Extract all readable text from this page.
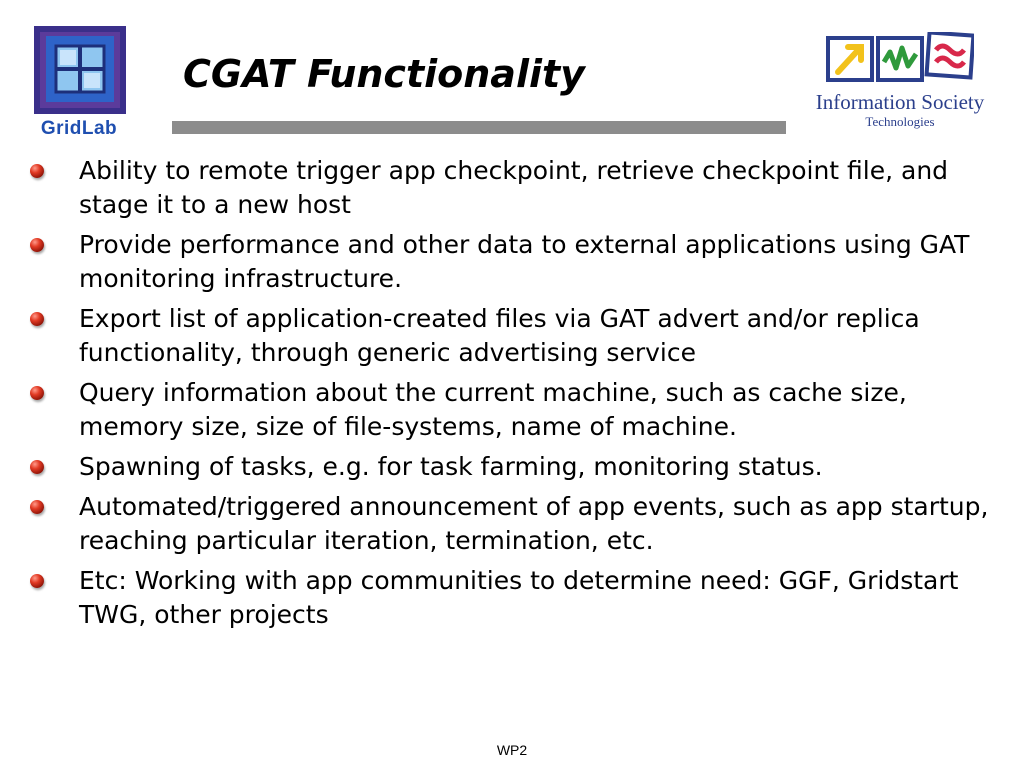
GridLab
CGAT Functionality
Information Society
Technologies
Ability to remote trigger app checkpoint, retrieve checkpoint file, and stage it to a new host
Provide performance and other data to external applications using GAT monitoring infrastructure.
Export list of application-created files via GAT advert and/or replica functionality, through generic advertising service
Query information about the current machine, such as cache size, memory size, size of file-systems, name of machine.
Spawning of tasks, e.g. for task farming, monitoring status.
Automated/triggered announcement of app events, such as app startup, reaching particular iteration, termination, etc.
Etc: Working with app communities to determine need: GGF, Gridstart TWG, other projects
WP2
